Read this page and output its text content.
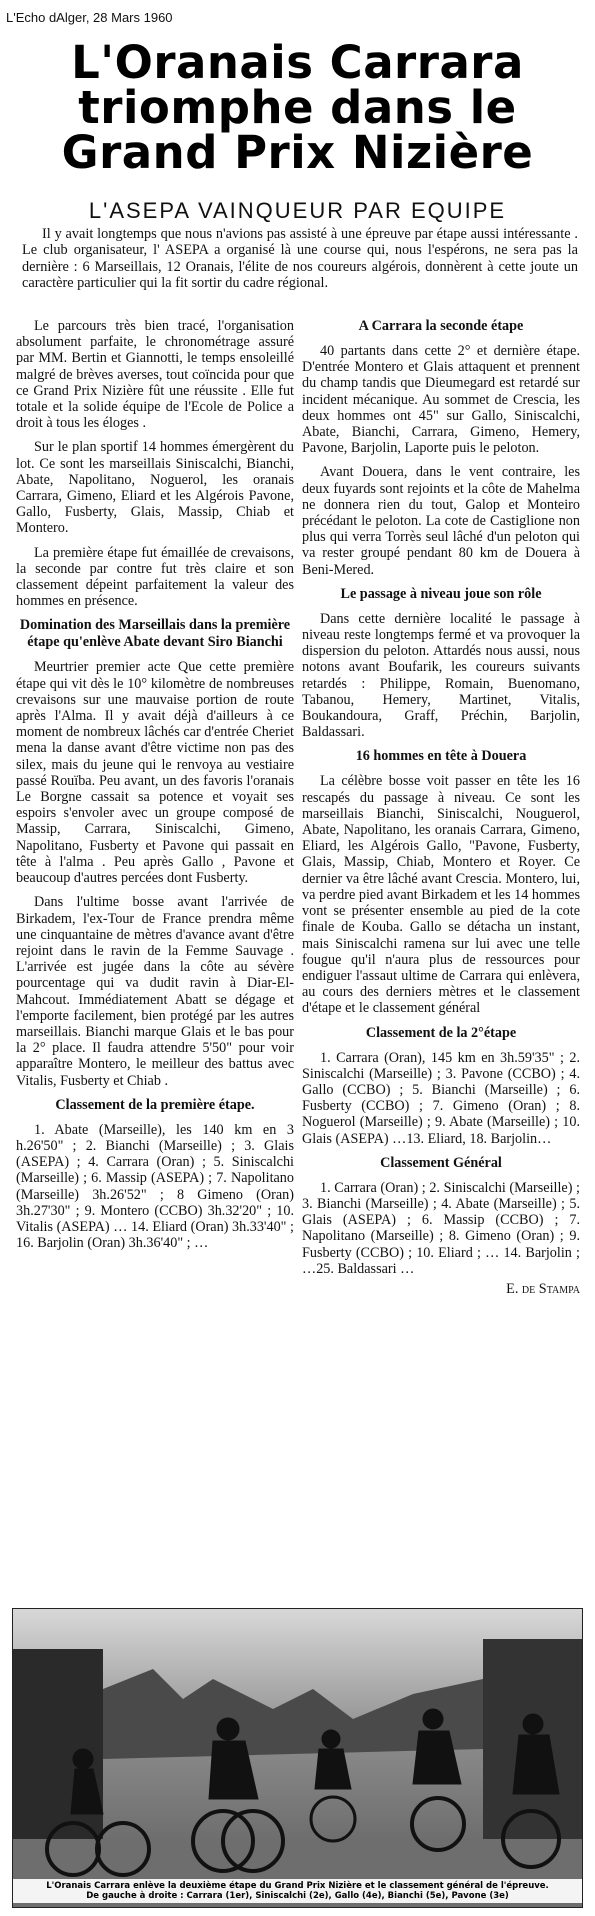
L'Echo dAlger, 28 Mars 1960
L'Oranais Carrara
triomphe dans le
Grand Prix Nizière
L'ASEPA VAINQUEUR PAR EQUIPE

Il y avait longtemps que nous n'avions pas assisté à une épreuve par étape aussi intéressante . Le club organisateur, l' ASEPA a organisé là une course qui, nous l'espérons, ne sera pas la dernière : 6 Marseillais, 12 Oranais, l'élite de nos coureurs algérois, donnèrent à cette joute un caractère particulier qui la fit sortir du cadre régional.

Le parcours très bien tracé, l'organisation absolument parfaite, le chronométrage assuré par MM. Bertin et Giannotti, le temps ensoleillé malgré de brèves averses, tout coïncida pour que ce Grand Prix Nizière fût une réussite . Elle fut totale et la solide équipe de l'Ecole de Police a droit à tous les éloges .

Sur le plan sportif 14 hommes émergèrent du lot. Ce sont les marseillais Siniscalchi, Bianchi, Abate, Napolitano, Noguerol, les oranais Carrara, Gimeno, Eliard et les Algérois Pavone, Gallo, Fusberty, Glais, Massip, Chiab et Montero.

La première étape fut émaillée de crevaisons, la seconde par contre fut très claire et son classement dépeint parfaitement la valeur des hommes en présence.

Domination des Marseillais dans la première étape qu'enlève Abate devant Siro Bianchi

Meurtrier premier acte Que cette première étape qui vit dès le 10° kilomètre de nombreuses crevaisons sur une mauvaise portion de route après l'Alma. Il y avait déjà d'ailleurs à ce moment de nombreux lâchés car d'entrée Cheriet mena la danse avant d'être victime non pas des silex, mais du jeune qui le renvoya au vestiaire passé Rouïba. Peu avant, un des favoris l'oranais Le Borgne cassait sa potence et voyait ses espoirs s'envoler avec un groupe composé de Massip, Carrara, Siniscalchi, Gimeno, Napolitano, Fusberty et Pavone qui passait en tête à l'alma . Peu après Gallo , Pavone et beaucoup d'autres percées dont Fusberty.

Dans l'ultime bosse avant l'arrivée de Birkadem, l'ex-Tour de France prendra même une cinquantaine de mètres d'avance avant d'être rejoint dans le ravin de la Femme Sauvage . L'arrivée est jugée dans la côte au sévère pourcentage qui va dudit ravin à Diar-El-Mahcout. Immédiatement Abatt se dégage et l'emporte facilement, bien protégé par les autres marseillais. Bianchi marque Glais et le bas pour la 2° place. Il faudra attendre 5'50" pour voir apparaître Montero, le meilleur des battus avec Vitalis, Fusberty et Chiab .

Classement de la première étape.

1. Abate (Marseille), les 140 km en 3 h.26'50" ; 2. Bianchi (Marseille) ; 3. Glais (ASEPA) ; 4. Carrara (Oran) ; 5. Siniscalchi (Marseille) ; 6. Massip (ASEPA) ; 7. Napolitano (Marseille) 3h.26'52" ; 8 Gimeno (Oran) 3h.27'30" ; 9. Montero (CCBO) 3h.32'20" ; 10. Vitalis (ASEPA) … 14. Eliard (Oran) 3h.33'40" ; 16. Barjolin (Oran) 3h.36'40" ; …

A Carrara la seconde étape

40 partants dans cette 2° et dernière étape. D'entrée Montero et Glais attaquent et prennent du champ tandis que Dieumegard est retardé sur incident mécanique. Au sommet de Crescia, les deux hommes ont 45" sur Gallo, Siniscalchi, Abate, Bianchi, Carrara, Gimeno, Hemery, Pavone, Barjolin, Laporte puis le peloton.

Avant Douera, dans le vent contraire, les deux fuyards sont rejoints et la côte de Mahelma ne donnera rien du tout, Galop et Monteiro précédant le peloton. La cote de Castiglione non plus qui verra Torrès seul lâché d'un peloton qui va rester groupé pendant 80 km de Douera à Beni-Mered.

Le passage à niveau joue son rôle

Dans cette dernière localité le passage à niveau reste longtemps fermé et va provoquer la dispersion du peloton. Attardés nous aussi, nous notons avant Boufarik, les coureurs suivants retardés : Philippe, Romain, Buenomano, Tabanou, Hemery, Martinet, Vitalis, Boukandoura, Graff, Préchin, Barjolin, Baldassari.

16 hommes en tête à Douera

La célèbre bosse voit passer en tête les 16 rescapés du passage à niveau. Ce sont les marseillais Bianchi, Siniscalchi, Nouguerol, Abate, Napolitano, les oranais Carrara, Gimeno, Eliard, les Algérois Gallo, "Pavone, Fusberty, Glais, Massip, Chiab, Montero et Royer. Ce dernier va être lâché avant Crescia. Montero, lui, va perdre pied avant Birkadem et les 14 hommes vont se présenter ensemble au pied de la cote finale de Kouba. Gallo se détacha un instant, mais Siniscalchi ramena sur lui avec une telle fougue qu'il n'aura plus de ressources pour endiguer l'assaut ultime de Carrara qui enlèvera, au cours des derniers mètres et le classement d'étape et le classement général

Classement de la 2°étape

1. Carrara (Oran), 145 km en 3h.59'35" ; 2. Siniscalchi (Marseille) ; 3. Pavone (CCBO) ; 4. Gallo (CCBO) ; 5. Bianchi (Marseille) ; 6. Fusberty (CCBO) ; 7. Gimeno (Oran) ; 8. Noguerol (Marseille) ; 9. Abate (Marseille) ; 10. Glais (ASEPA) …13. Eliard, 18. Barjolin…

Classement Général

1. Carrara (Oran) ; 2. Siniscalchi (Marseille) ; 3. Bianchi (Marseille) ; 4. Abate (Marseille) ; 5. Glais (ASEPA) ; 6. Massip (CCBO) ; 7. Napolitano (Marseille) ; 8. Gimeno (Oran) ; 9. Fusberty (CCBO) ; 10. Eliard ; … 14. Barjolin ; …25. Baldassari …

E. de Stampa

L'Oranais Carrara enlève la deuxième étape du Grand Prix Nizière et le classement général de l'épreuve.
De gauche à droite : Carrara (1er), Siniscalchi (2e), Gallo (4e), Bianchi (5e), Pavone (3e)
